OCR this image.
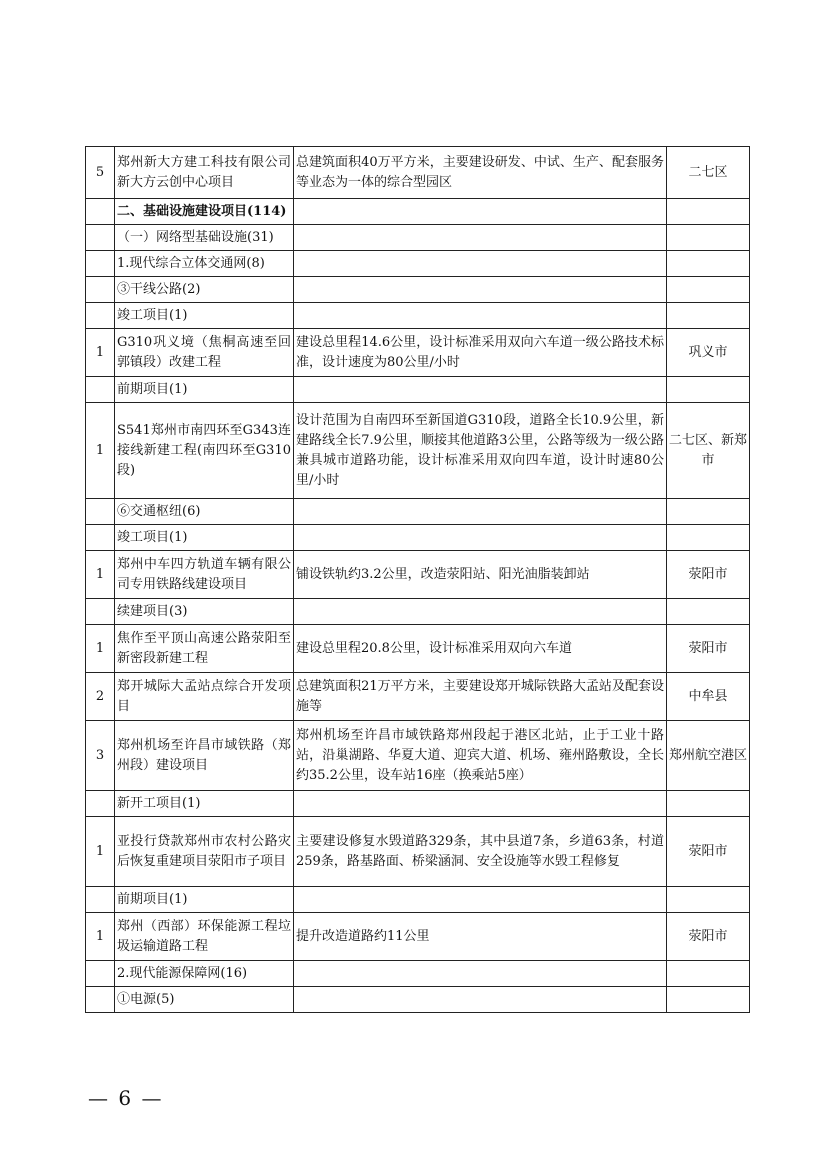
5	郑州新大方建工科技有限公司新大方云创中心项目	总建筑面积40万平方米，主要建设研发、中试、生产、配套服务等业态为一体的综合型园区	二七区
	二、基础设施建设项目(114)		
	（一）网络型基础设施(31)		
	1.现代综合立体交通网(8)		
	③干线公路(2)		
	竣工项目(1)		
1	G310巩义境（焦桐高速至回郭镇段）改建工程	建设总里程14.6公里，设计标准采用双向六车道一级公路技术标准，设计速度为80公里/小时	巩义市
	前期项目(1)		
1	S541郑州市南四环至G343连接线新建工程(南四环至G310段)	设计范围为自南四环至新国道G310段，道路全长10.9公里，新建路线全长7.9公里，顺接其他道路3公里，公路等级为一级公路兼具城市道路功能，设计标准采用双向四车道，设计时速80公里/小时	二七区、新郑市
	⑥交通枢纽(6)		
	竣工项目(1)		
1	郑州中车四方轨道车辆有限公司专用铁路线建设项目	铺设铁轨约3.2公里，改造荥阳站、阳光油脂装卸站	荥阳市
	续建项目(3)		
1	焦作至平顶山高速公路荥阳至新密段新建工程	建设总里程20.8公里，设计标准采用双向六车道	荥阳市
2	郑开城际大孟站点综合开发项目	总建筑面积21万平方米，主要建设郑开城际铁路大孟站及配套设施等	中牟县
3	郑州机场至许昌市域铁路（郑州段）建设项目	郑州机场至许昌市域铁路郑州段起于港区北站，止于工业十路站，沿巢湖路、华夏大道、迎宾大道、机场、雍州路敷设，全长约35.2公里，设车站16座（换乘站5座）	郑州航空港区
	新开工项目(1)		
1	亚投行贷款郑州市农村公路灾后恢复重建项目荥阳市子项目	主要建设修复水毁道路329条，其中县道7条，乡道63条，村道259条，路基路面、桥梁涵洞、安全设施等水毁工程修复	荥阳市
	前期项目(1)		
1	郑州（西部）环保能源工程垃圾运输道路工程	提升改造道路约11公里	荥阳市
	2.现代能源保障网(16)		
	①电源(5)		
— 6 —
